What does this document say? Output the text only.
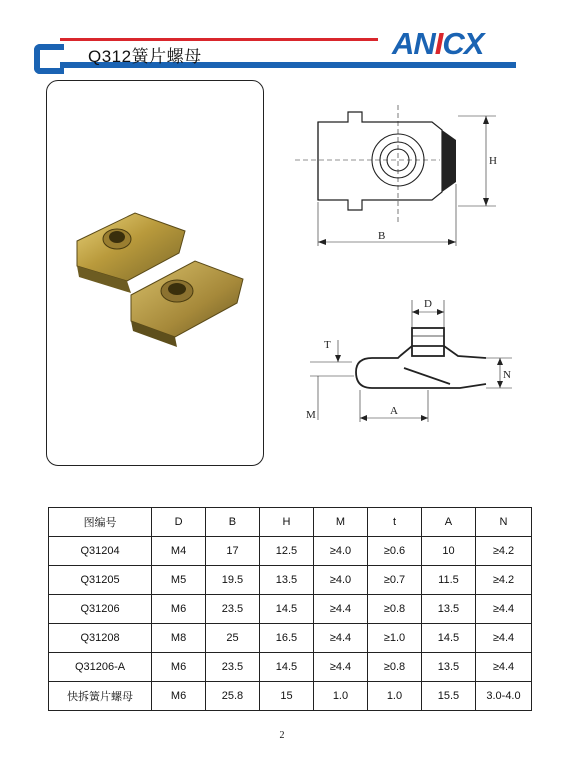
Q312簧片螺母	ANICX
H
B
D
N
T
M	A
图编号	D	B	H	M	t	A	N
Q31204	M4	17	12.5	≥4.0	≥0.6	10	≥4.2
Q31205	M5	19.5	13.5	≥4.0	≥0.7	11.5	≥4.2
Q31206	M6	23.5	14.5	≥4.4	≥0.8	13.5	≥4.4
Q31208	M8	25	16.5	≥4.4	≥1.0	14.5	≥4.4
Q31206-A	M6	23.5	14.5	≥4.4	≥0.8	13.5	≥4.4
快拆簧片螺母	M6	25.8	15	1.0	1.0	15.5	3.0-4.0
2
